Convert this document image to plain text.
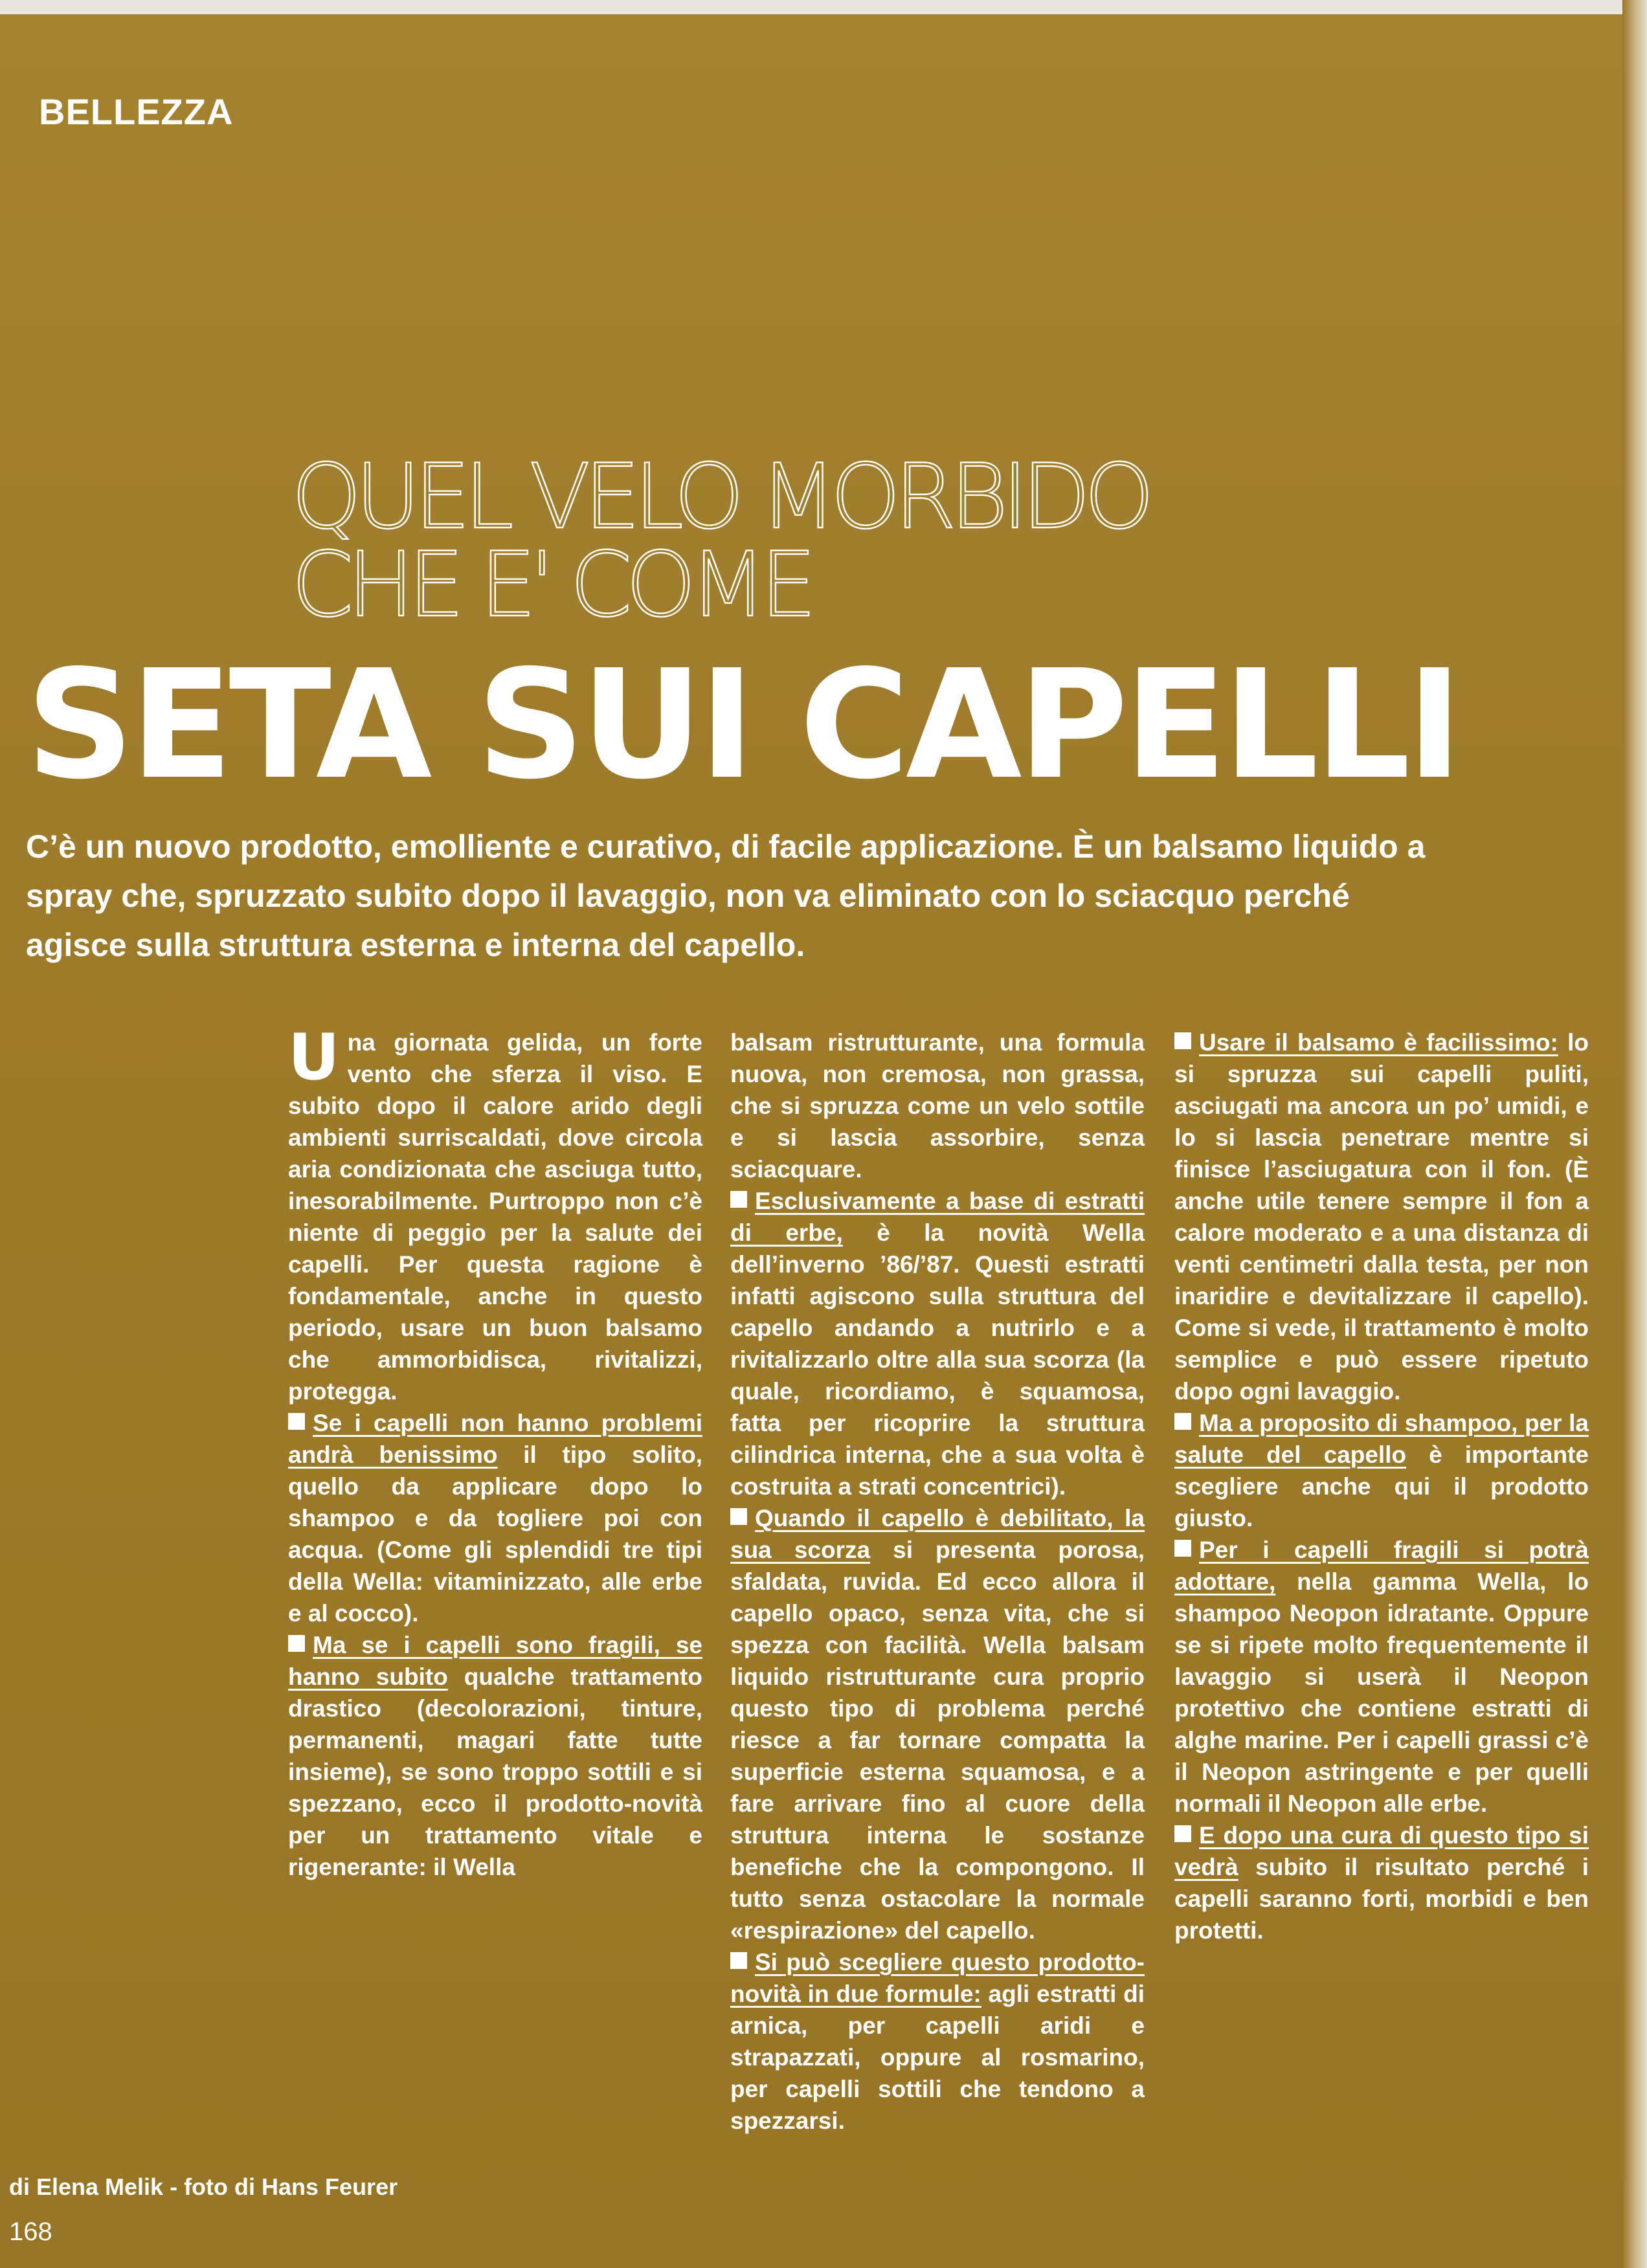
BELLEZZA
QUEL VELO MORBIDO
CHE E' COME
SETA SUI CAPELLI
C’è un nuovo prodotto, emolliente e curativo, di facile applicazione. È un balsamo liquido a spray che, spruzzato subito dopo il lavaggio, non va eliminato con lo sciacquo perché agisce sulla struttura esterna e interna del capello.

Una giornata gelida, un forte vento che sferza il viso. E subito dopo il calore arido degli ambienti surriscaldati, dove circola aria condizionata che asciuga tutto, inesorabilmente. Purtroppo non c’è niente di peggio per la salute dei capelli. Per questa ragione è fondamentale, anche in questo periodo, usare un buon balsamo che ammorbidisca, rivitalizzi, protegga.

Se i capelli non hanno problemi andrà benissimo il tipo solito, quello da applicare dopo lo shampoo e da togliere poi con acqua. (Come gli splendidi tre tipi della Wella: vitaminizzato, alle erbe e al cocco).

Ma se i capelli sono fragili, se hanno subito qualche trattamento drastico (decolorazioni, tinture, permanenti, magari fatte tutte insieme), se sono troppo sottili e si spezzano, ecco il prodotto-novità per un trattamento vitale e rigenerante: il Wella

balsam ristrutturante, una formula nuova, non cremosa, non grassa, che si spruzza come un velo sottile e si lascia assorbire, senza sciacquare.

Esclusivamente a base di estratti di erbe, è la novità Wella dell’inverno ’86/’87. Questi estratti infatti agiscono sulla struttura del capello andando a nutrirlo e a rivitalizzarlo oltre alla sua scorza (la quale, ricordiamo, è squamosa, fatta per ricoprire la struttura cilindrica interna, che a sua volta è costruita a strati concentrici).

Quando il capello è debilitato, la sua scorza si presenta porosa, sfaldata, ruvida. Ed ecco allora il capello opaco, senza vita, che si spezza con facilità. Wella balsam liquido ristrutturante cura proprio questo tipo di problema perché riesce a far tornare compatta la superficie esterna squamosa, e a fare arrivare fino al cuore della struttura interna le sostanze benefiche che la compongono. Il tutto senza ostacolare la normale «respirazione» del capello.

Si può scegliere questo prodotto-novità in due formule: agli estratti di arnica, per capelli aridi e strapazzati, oppure al rosmarino, per capelli sottili che tendono a spezzarsi.

Usare il balsamo è facilissimo: lo si spruzza sui capelli puliti, asciugati ma ancora un po’ umidi, e lo si lascia penetrare mentre si finisce l’asciugatura con il fon. (È anche utile tenere sempre il fon a calore moderato e a una distanza di venti centimetri dalla testa, per non inaridire e devitalizzare il capello). Come si vede, il trattamento è molto semplice e può essere ripetuto dopo ogni lavaggio.

Ma a proposito di shampoo, per la salute del capello è importante scegliere anche qui il prodotto giusto.

Per i capelli fragili si potrà adottare, nella gamma Wella, lo shampoo Neopon idratante. Oppure se si ripete molto frequentemente il lavaggio si userà il Neopon protettivo che contiene estratti di alghe marine. Per i capelli grassi c’è il Neopon astringente e per quelli normali il Neopon alle erbe.

E dopo una cura di questo tipo si vedrà subito il risultato perché i capelli saranno forti, morbidi e ben protetti.

di Elena Melik - foto di Hans Feurer
168
